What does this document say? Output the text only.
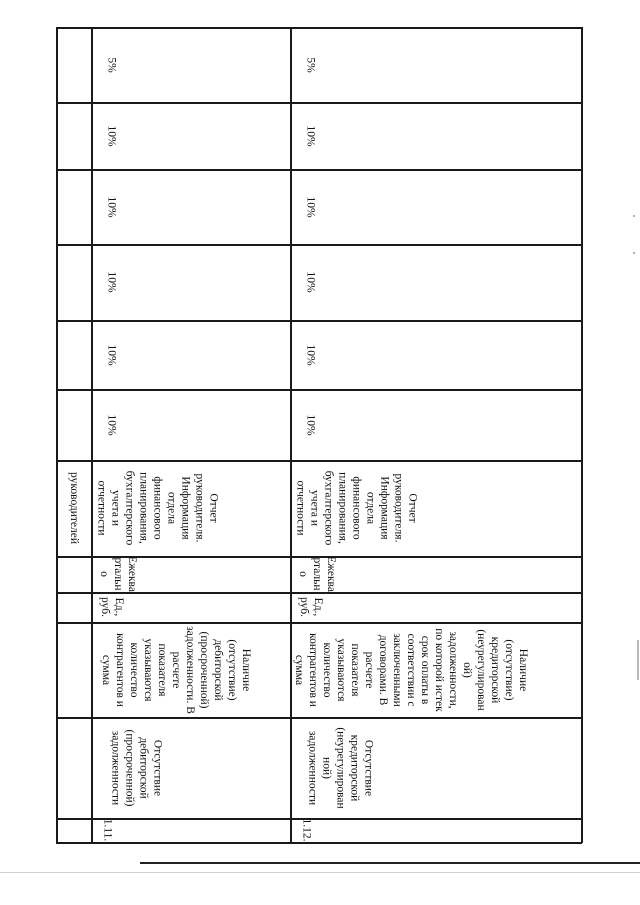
руководителей
1.11.
Отсутствие
дебиторской
(просроченной)
задолженности
Наличие
(отсутствие)
дебиторской
(просроченной)
задолженности. В
расчете
показателя
указываются
количество
контрагентов и
сумма
Ед.,
руб.
Ежеква
ртальн
о
Отчет
руководителя.
Информация
отдела
финансового
планирования,
бухгалтерского
учета и
отчетности
10%
10%
10%
10%
10%
5%
1.12.
Отсутствие
кредиторской
(неурегулирован
ной)
задолженности
Наличие
(отсутствие)
кредиторской
(неурегулирован
ой)
задолженности,
по которой истек
срок оплаты в
соответствии с
заключенными
договорами. В
расчете
показателя
указываются
количество
контрагентов и
сумма
Ед.,
руб.
Ежеква
ртальн
о
Отчет
руководителя.
Информация
отдела
финансового
планирования,
бухгалтерского
учета и
отчетности
10%
10%
10%
10%
10%
5%
